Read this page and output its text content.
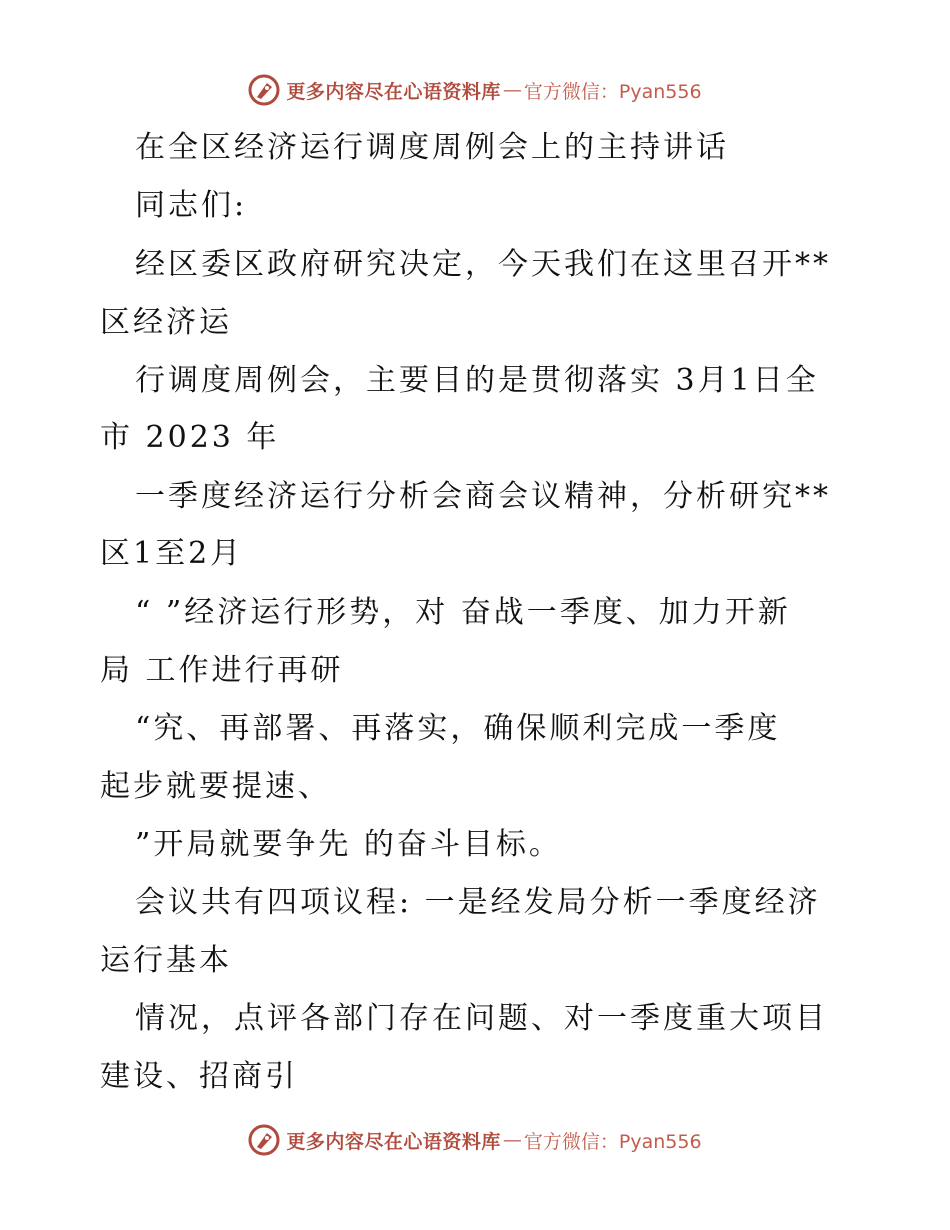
更多内容尽在心语资料库 — 官方微信：Pyan556
在全区经济运行调度周例会上的主持讲话
同志们:
经区委区政府研究决定，今天我们在这里召开**
区经济运
行调度周例会，主要目的是贯彻落实 3月1日全
市 2023 年
一季度经济运行分析会商会议精神，分析研究**
区1至2月
“ ”经济运行形势，对 奋战一季度、加力开新
局 工作进行再研
“究、再部署、再落实，确保顺利完成一季度
起步就要提速、
”开局就要争先 的奋斗目标。
会议共有四项议程: 一是经发局分析一季度经济
运行基本
情况，点评各部门存在问题、对一季度重大项目
建设、招商引
更多内容尽在心语资料库 — 官方微信：Pyan556
